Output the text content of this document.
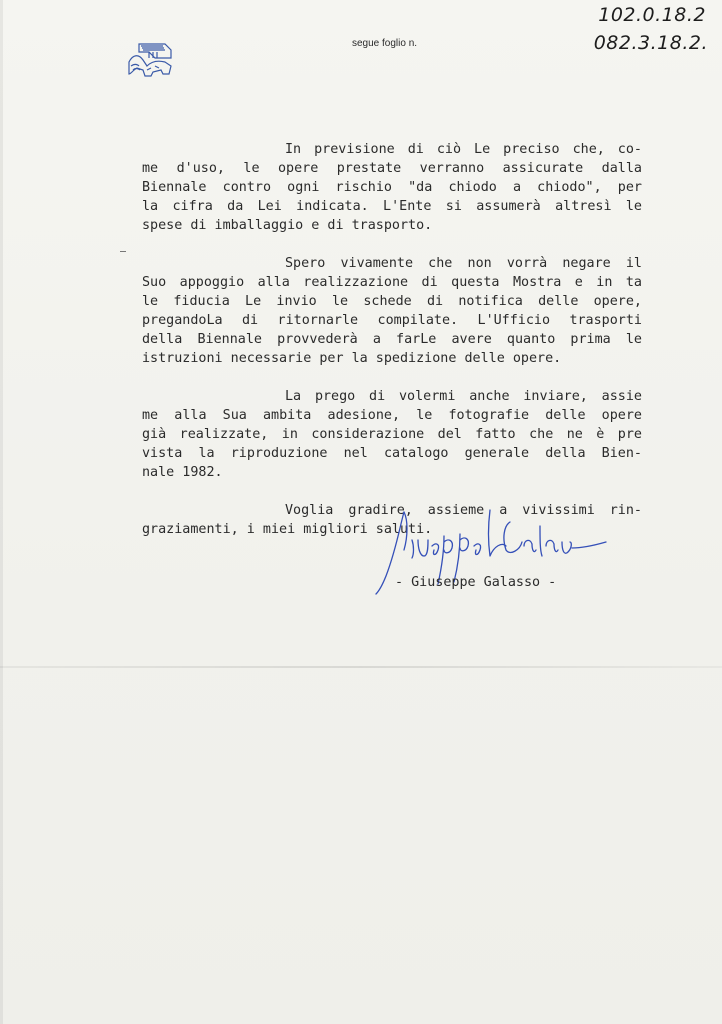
segue foglio n.
102.0.18.2
082.3.18.2.
In previsione di ciò Le preciso che, co-
me d'uso, le opere prestate verranno assicurate dalla
Biennale contro ogni rischio "da chiodo a chiodo", per
la cifra da Lei indicata. L'Ente si assumerà altresì le
spese di imballaggio e di trasporto.
Spero vivamente che non vorrà negare il
Suo appoggio alla realizzazione di questa Mostra e in ta
le fiducia Le invio le schede di notifica delle opere,
pregandoLa di ritornarle compilate. L'Ufficio trasporti
della Biennale provvederà a farLe avere quanto prima le
istruzioni necessarie per la spedizione delle opere.
La prego di volermi anche inviare, assie
me alla Sua ambita adesione, le fotografie delle opere
già realizzate, in considerazione del fatto che ne è pre
vista la riproduzione nel catalogo generale della Bien-
nale 1982.
Voglia gradire, assieme a vivissimi rin-
graziamenti, i miei migliori saluti.
- Giuseppe Galasso -
